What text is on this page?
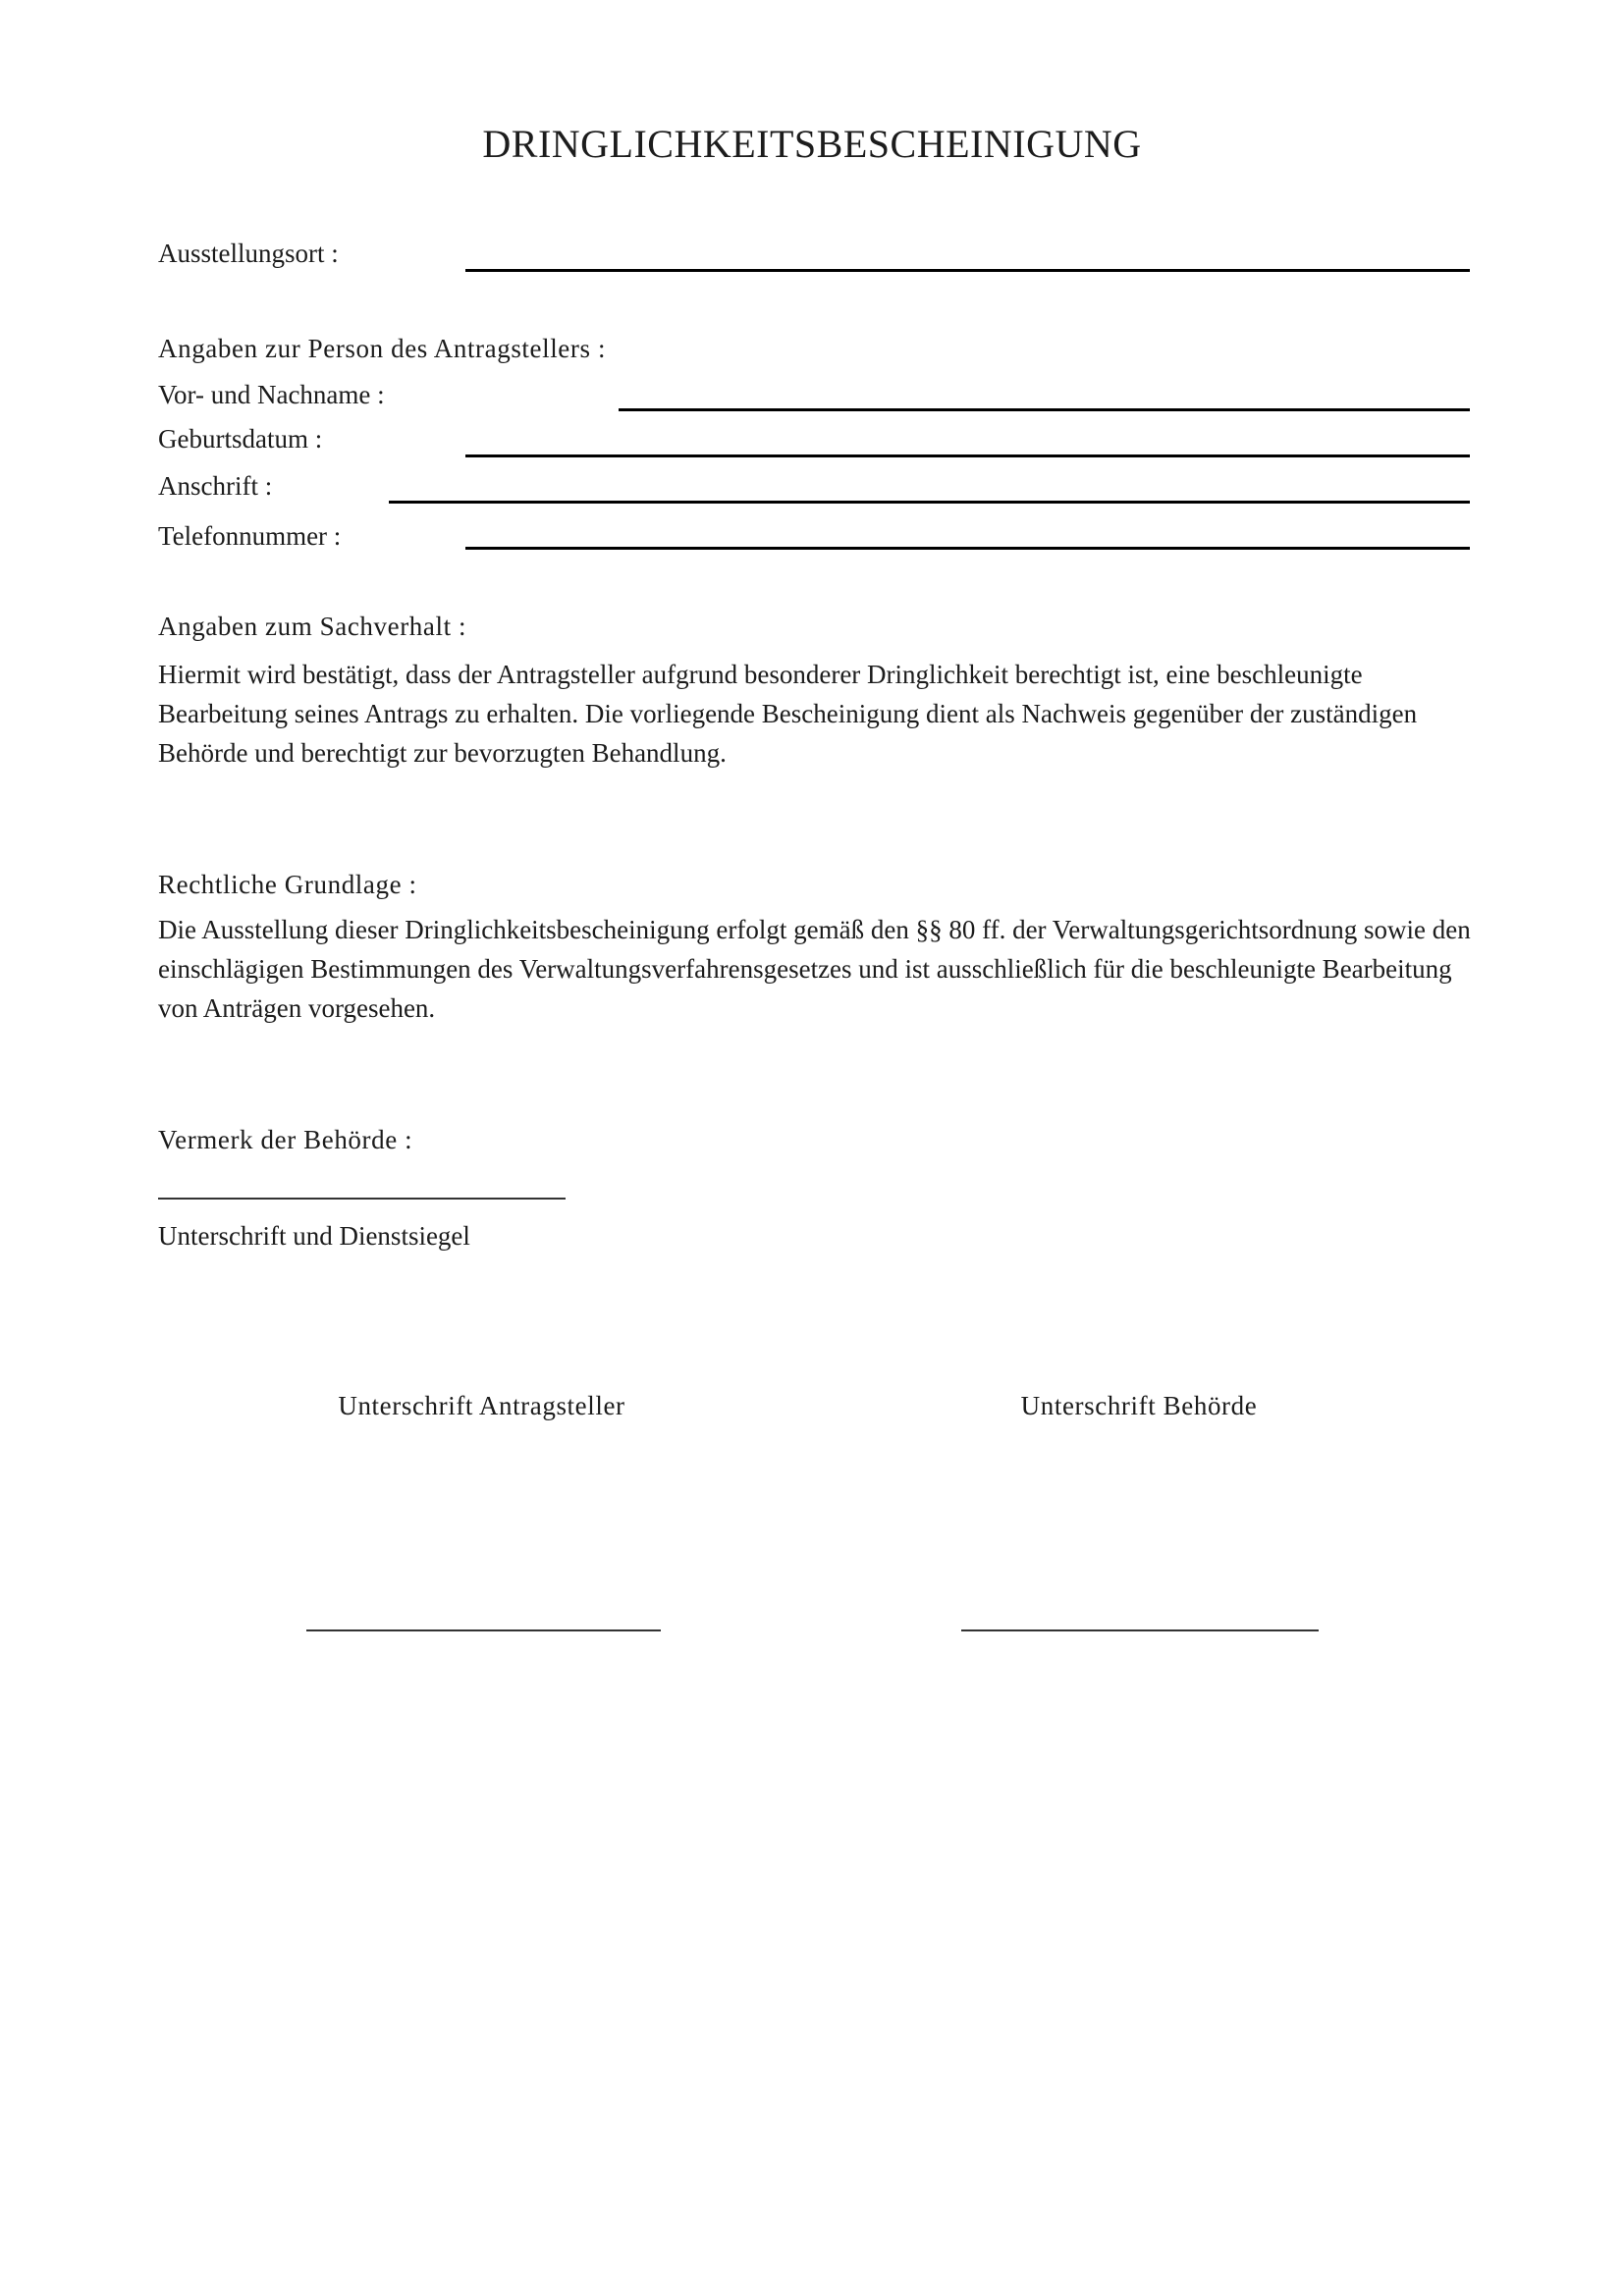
DRINGLICHKEITSBESCHEINIGUNG
Ausstellungsort :
Angaben zur Person des Antragstellers :
Vor- und Nachname :
Geburtsdatum :
Anschrift :
Telefonnummer :
Angaben zum Sachverhalt :
Hiermit wird bestätigt, dass der Antragsteller aufgrund besonderer Dringlichkeit berechtigt ist, eine beschleunigte Bearbeitung seines Antrags zu erhalten. Die vorliegende Bescheinigung dient als Nachweis gegenüber der zuständigen Behörde und berechtigt zur bevorzugten Behandlung.
Rechtliche Grundlage :
Die Ausstellung dieser Dringlichkeitsbescheinigung erfolgt gemäß den §§ 80 ff. der Verwaltungsgerichtsordnung sowie den einschlägigen Bestimmungen des Verwaltungsverfahrensgesetzes und ist ausschließlich für die beschleunigte Bearbeitung von Anträgen vorgesehen.
Vermerk der Behörde :
Unterschrift und Dienstsiegel
Unterschrift Antragsteller	Unterschrift Behörde
